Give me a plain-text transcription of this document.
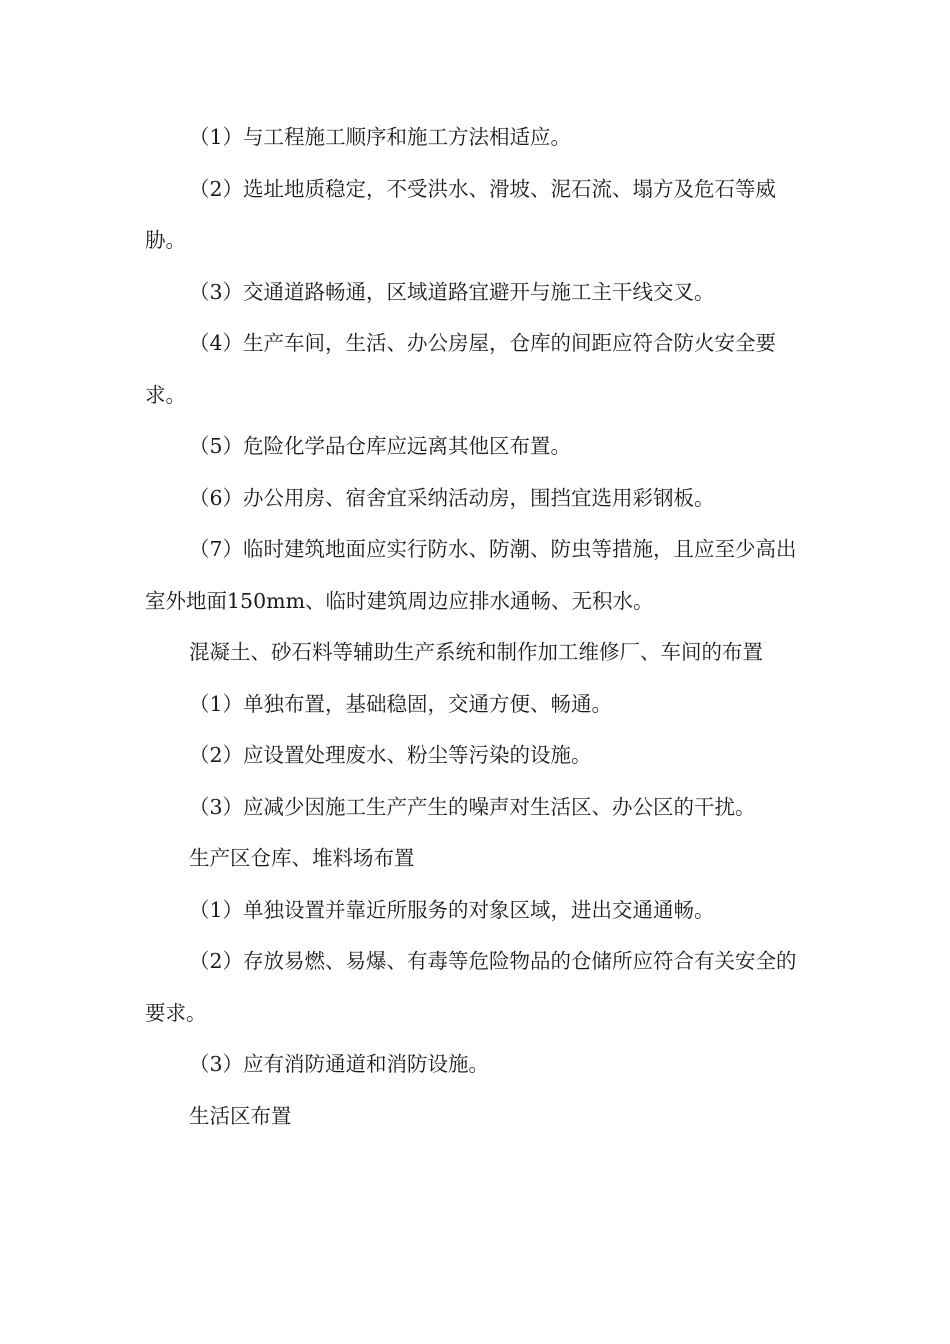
（1）与工程施工顺序和施工方法相适应。

（2）选址地质稳定，不受洪水、滑坡、泥石流、塌方及危石等威胁。

（3）交通道路畅通，区域道路宜避开与施工主干线交叉。

（4）生产车间，生活、办公房屋，仓库的间距应符合防火安全要求。

（5）危险化学品仓库应远离其他区布置。

（6）办公用房、宿舍宜采纳活动房，围挡宜选用彩钢板。

（7）临时建筑地面应实行防水、防潮、防虫等措施，且应至少高出室外地面150mm、临时建筑周边应排水通畅、无积水。

混凝土、砂石料等辅助生产系统和制作加工维修厂、车间的布置

（1）单独布置，基础稳固，交通方便、畅通。

（2）应设置处理废水、粉尘等污染的设施。

（3）应减少因施工生产产生的噪声对生活区、办公区的干扰。

生产区仓库、堆料场布置

（1）单独设置并靠近所服务的对象区域，进出交通通畅。

（2）存放易燃、易爆、有毒等危险物品的仓储所应符合有关安全的要求。

（3）应有消防通道和消防设施。

生活区布置
